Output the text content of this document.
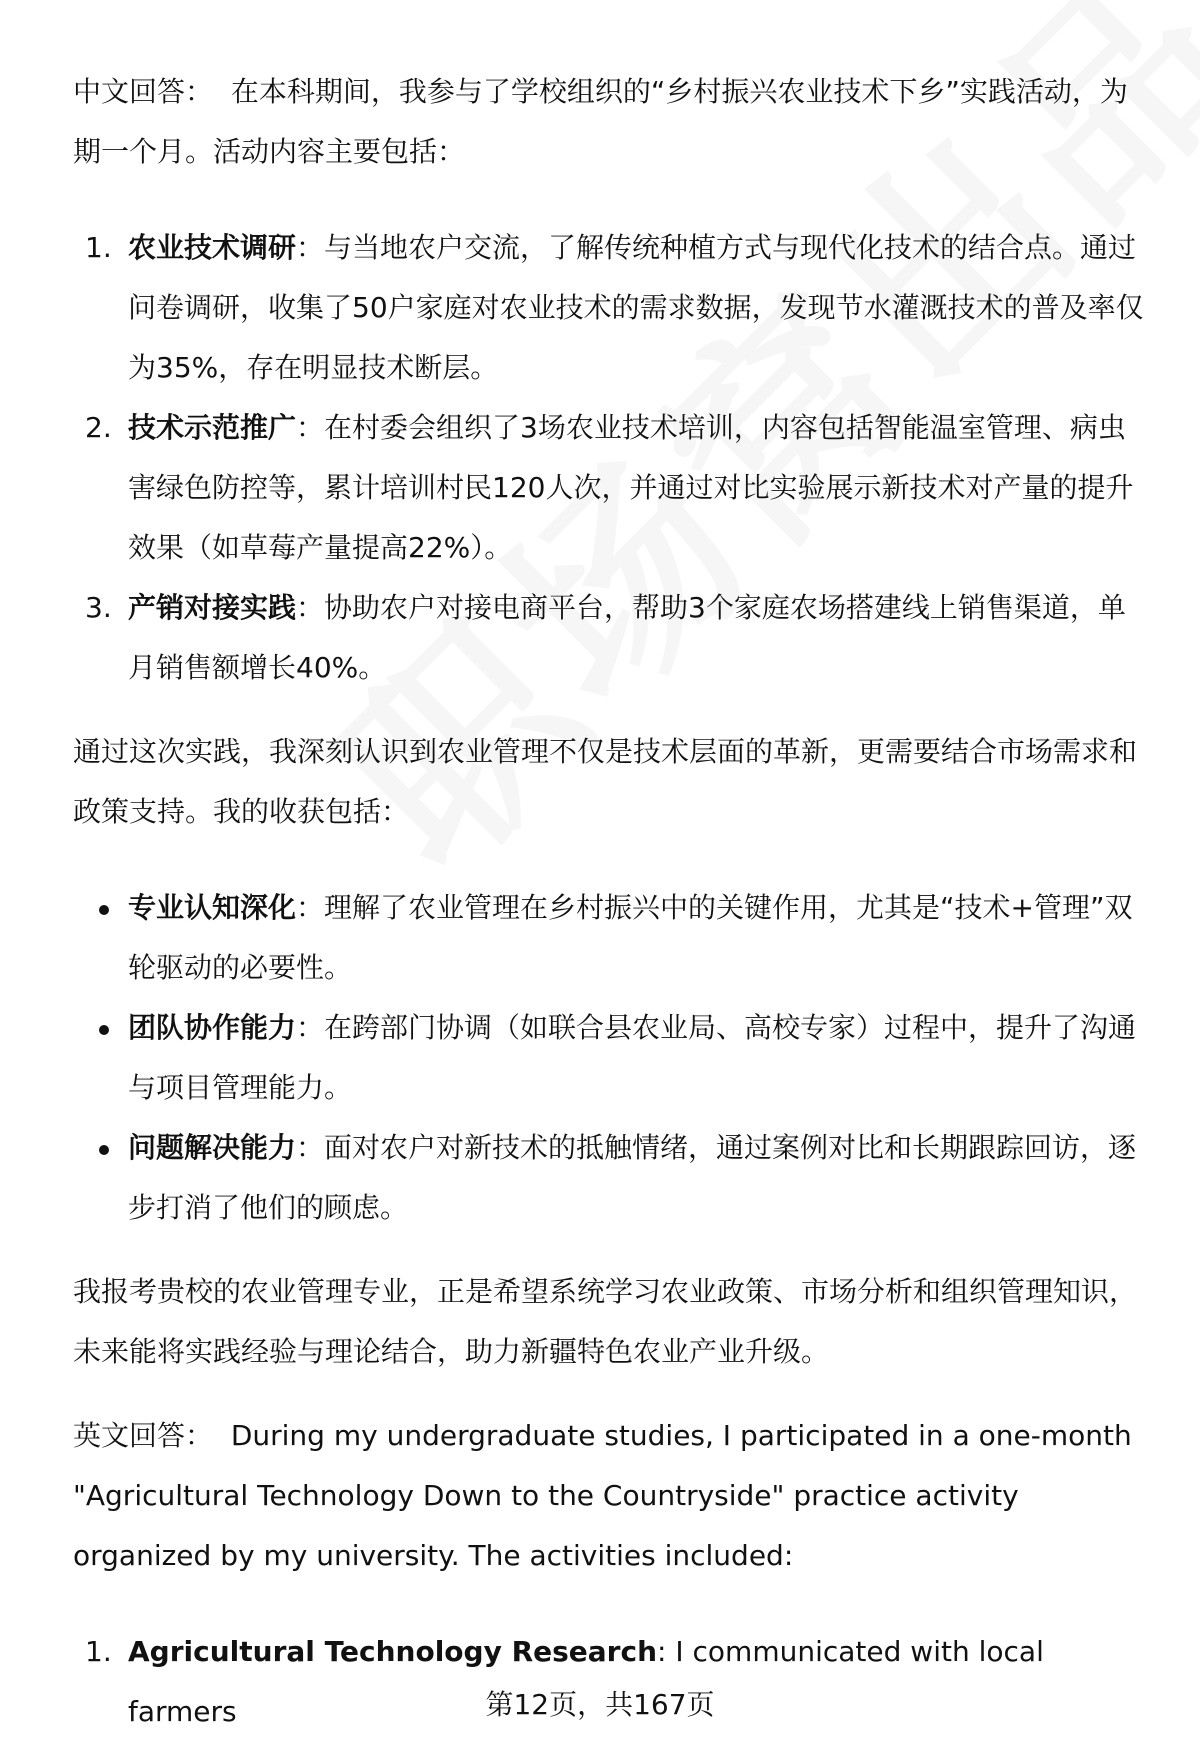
中文回答： 在本科期间，我参与了学校组织的“乡村振兴农业技术下乡”实践活动，为期一个月。活动内容主要包括：

1. 农业技术调研：与当地农户交流，了解传统种植方式与现代化技术的结合点。通过问卷调研，收集了50户家庭对农业技术的需求数据，发现节水灌溉技术的普及率仅为35%，存在明显技术断层。
2. 技术示范推广：在村委会组织了3场农业技术培训，内容包括智能温室管理、病虫害绿色防控等，累计培训村民120人次，并通过对比实验展示新技术对产量的提升效果（如草莓产量提高22%）。
3. 产销对接实践：协助农户对接电商平台，帮助3个家庭农场搭建线上销售渠道，单月销售额增长40%。

通过这次实践，我深刻认识到农业管理不仅是技术层面的革新，更需要结合市场需求和政策支持。我的收获包括：

专业认知深化：理解了农业管理在乡村振兴中的关键作用，尤其是“技术+管理”双轮驱动的必要性。
团队协作能力：在跨部门协调（如联合县农业局、高校专家）过程中，提升了沟通与项目管理能力。
问题解决能力：面对农户对新技术的抵触情绪，通过案例对比和长期跟踪回访，逐步打消了他们的顾虑。

我报考贵校的农业管理专业，正是希望系统学习农业政策、市场分析和组织管理知识，未来能将实践经验与理论结合，助力新疆特色农业产业升级。

英文回答： During my undergraduate studies, I participated in a one-month "Agricultural Technology Down to the Countryside" practice activity organized by my university. The activities included:

1. Agricultural Technology Research: I communicated with local farmers	第12页，共167页
